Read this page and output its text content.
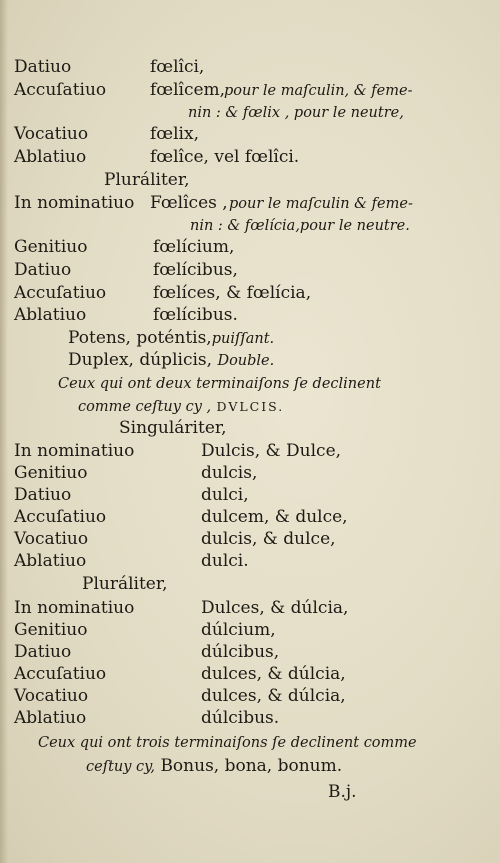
Datiuo	fœlîci,
Accuſatiuo	fœlîcem,
pour le maſculin, & feme-
nin : & fœlix , pour le neutre,
Vocatiuo	fœlix,
Ablatiuo	fœlîce, vel fœlîci.
Pluráliter,
In nominatiuo Fœlîces , pour le maſculin & feme-
nin : & fœlícia,pour le neutre.
Genitiuo	fœlícium,
Datiuo	fœlícibus,
Accuſatiuo	fœlíces, & fœlícia,
Ablatiuo	fœlícibus.
Potens, poténtis,puiſſant.
Duplex, dúplicis, Double.
Ceux qui ont deux terminaiſons ſe declinent
comme ceſtuy cy , DVLCIS.
Singuláriter,
In nominatiuo	Dulcis, & Dulce,
Genitiuo	dulcis,
Datiuo	dulci,
Accuſatiuo	dulcem, & dulce,
Vocatiuo	dulcis, & dulce,
Ablatiuo	dulci.
Pluráliter,
In nominatiuo	Dulces, & dúlcia,
Genitiuo	dúlcium,
Datiuo	dúlcibus,
Accuſatiuo	dulces, & dúlcia,
Vocatiuo	dulces, & dúlcia,
Ablatiuo	dúlcibus.
Ceux qui ont trois terminaiſons ſe declinent comme
ceſtuy cy, Bonus, bona, bonum.
B.j.
